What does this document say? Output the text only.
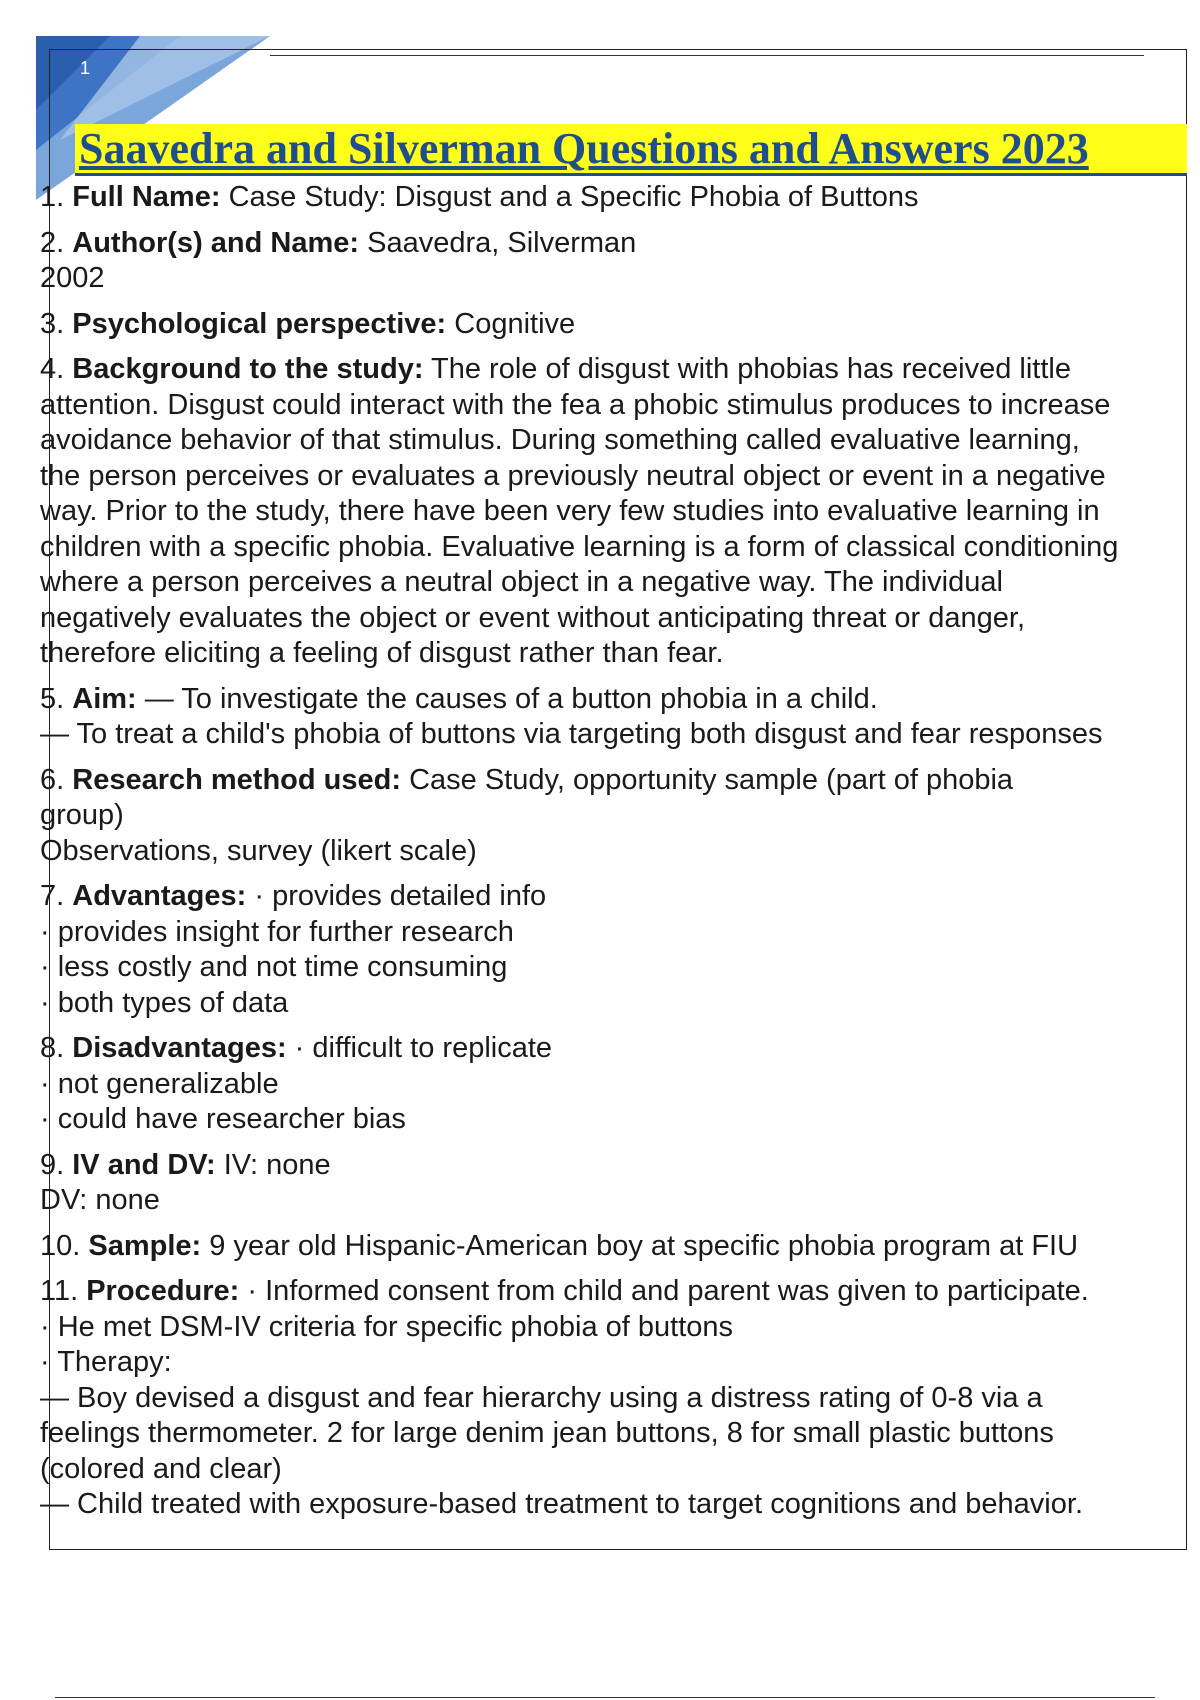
1
Saavedra and Silverman Questions and Answers 2023
1. Full Name: Case Study: Disgust and a Specific Phobia of Buttons
2. Author(s) and Name: Saavedra, Silverman
2002
3. Psychological perspective: Cognitive
4. Background to the study: The role of disgust with phobias has received little
attention. Disgust could interact with the fea a phobic stimulus produces to increase
avoidance behavior of that stimulus. During something called evaluative learning,
the person perceives or evaluates a previously neutral object or event in a negative
way. Prior to the study, there have been very few studies into evaluative learning in
children with a specific phobia. Evaluative learning is a form of classical conditioning
where a person perceives a neutral object in a negative way. The individual
negatively evaluates the object or event without anticipating threat or danger,
therefore eliciting a feeling of disgust rather than fear.
5. Aim: — To investigate the causes of a button phobia in a child.
— To treat a child's phobia of buttons via targeting both disgust and fear responses
6. Research method used: Case Study, opportunity sample (part of phobia
group)
Observations, survey (likert scale)
7. Advantages: · provides detailed info
· provides insight for further research
· less costly and not time consuming
· both types of data
8. Disadvantages: · difficult to replicate
· not generalizable
· could have researcher bias
9. IV and DV: IV: none
DV: none
10. Sample: 9 year old Hispanic-American boy at specific phobia program at FIU
11. Procedure: · Informed consent from child and parent was given to participate.
· He met DSM-IV criteria for specific phobia of buttons
· Therapy:
— Boy devised a disgust and fear hierarchy using a distress rating of 0-8 via a
feelings thermometer. 2 for large denim jean buttons, 8 for small plastic buttons
(colored and clear)
— Child treated with exposure-based treatment to target cognitions and behavior.
